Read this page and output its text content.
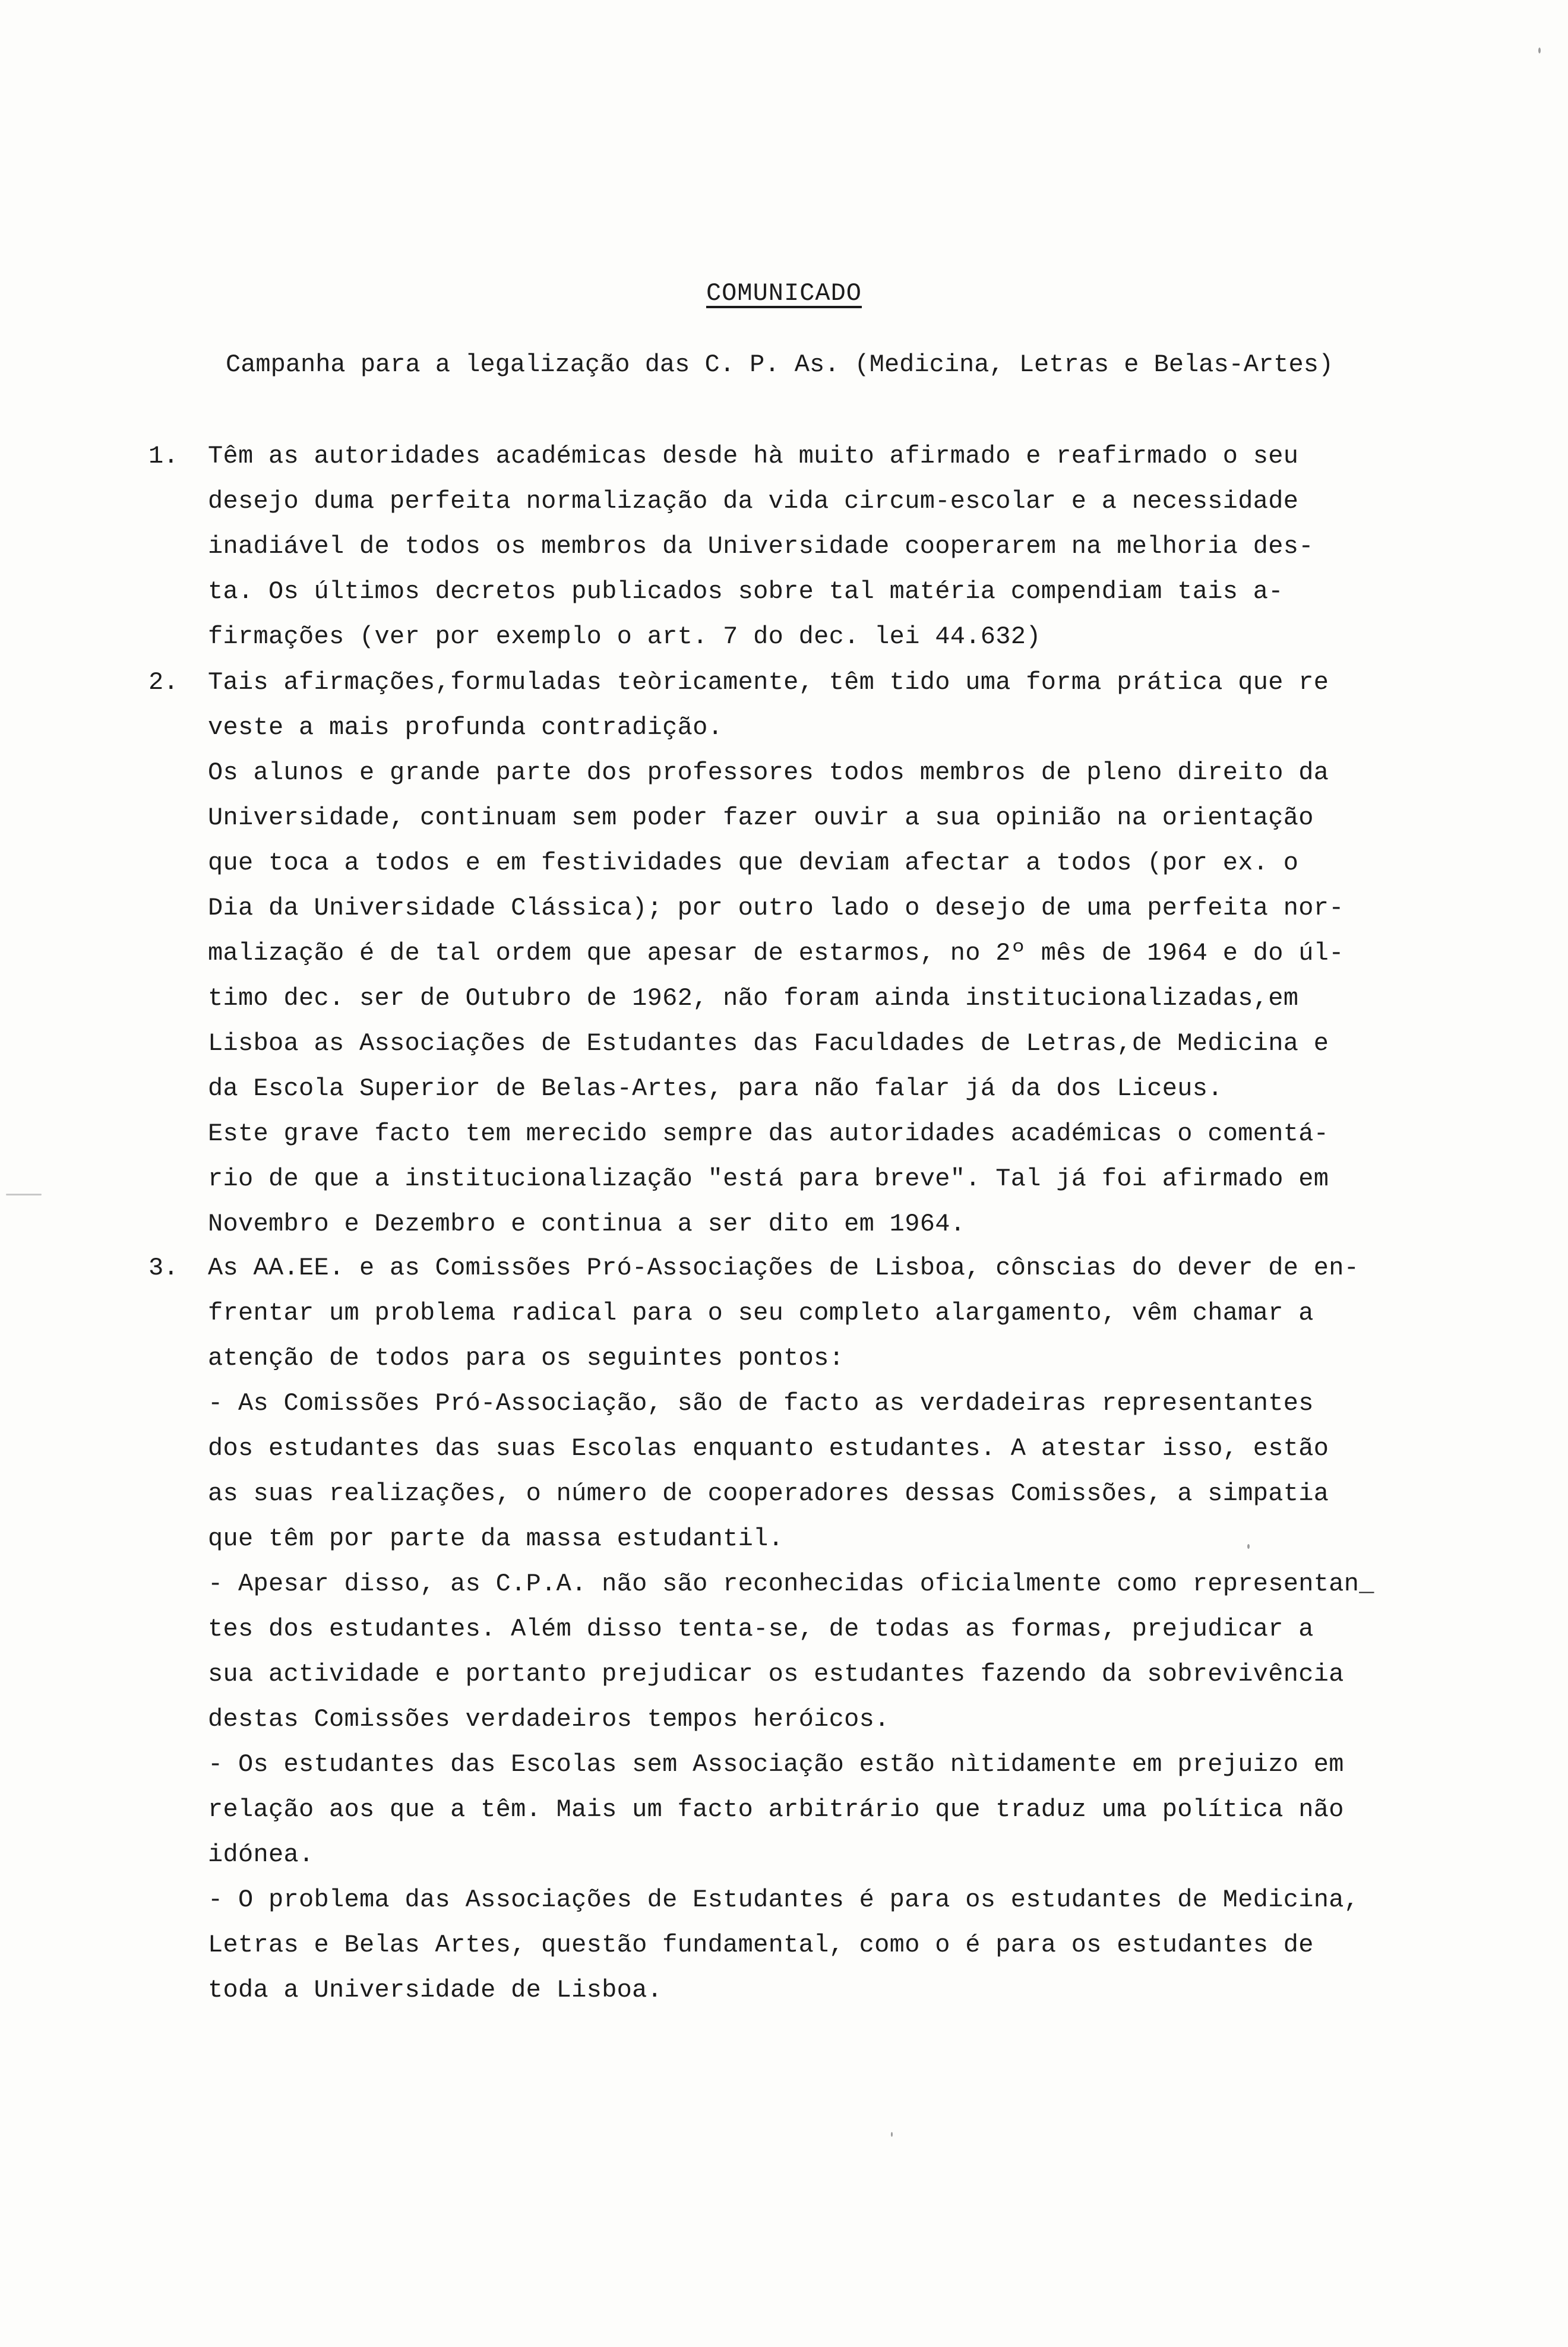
COMUNICADO
Campanha para a legalização das C. P. As. (Medicina, Letras e Belas-Artes)
1. Têm as autoridades académicas desde hà muito afirmado e reafirmado o seu
desejo duma perfeita normalização da vida circum-escolar e a necessidade
inadiável de todos os membros da Universidade cooperarem na melhoria des-
ta. Os últimos decretos publicados sobre tal matéria compendiam tais a-
firmações (ver por exemplo o art. 7 do dec. lei 44.632)
2. Tais afirmações,formuladas teòricamente, têm tido uma forma prática que re
veste a mais profunda contradição.
Os alunos e grande parte dos professores todos membros de pleno direito da
Universidade, continuam sem poder fazer ouvir a sua opinião na orientação
que toca a todos e em festividades que deviam afectar a todos (por ex. o
Dia da Universidade Clássica); por outro lado o desejo de uma perfeita nor-
malização é de tal ordem que apesar de estarmos, no 2º mês de 1964 e do úl-
timo dec. ser de Outubro de 1962, não foram ainda institucionalizadas,em
Lisboa as Associações de Estudantes das Faculdades de Letras,de Medicina e
da Escola Superior de Belas-Artes, para não falar já da dos Liceus.
Este grave facto tem merecido sempre das autoridades académicas o comentá-
rio de que a institucionalização "está para breve". Tal já foi afirmado em
Novembro e Dezembro e continua a ser dito em 1964.
3. As AA.EE. e as Comissões Pró-Associações de Lisboa, cônscias do dever de en-
frentar um problema radical para o seu completo alargamento, vêm chamar a
atenção de todos para os seguintes pontos:
- As Comissões Pró-Associação, são de facto as verdadeiras representantes
dos estudantes das suas Escolas enquanto estudantes. A atestar isso, estão
as suas realizações, o número de cooperadores dessas Comissões, a simpatia
que têm por parte da massa estudantil.
- Apesar disso, as C.P.A. não são reconhecidas oficialmente como representan_
tes dos estudantes. Além disso tenta-se, de todas as formas, prejudicar a
sua actividade e portanto prejudicar os estudantes fazendo da sobrevivência
destas Comissões verdadeiros tempos heróicos.
- Os estudantes das Escolas sem Associação estão nìtidamente em prejuizo em
relação aos que a têm. Mais um facto arbitrário que traduz uma política não
idónea.
- O problema das Associações de Estudantes é para os estudantes de Medicina,
Letras e Belas Artes, questão fundamental, como o é para os estudantes de
toda a Universidade de Lisboa.
